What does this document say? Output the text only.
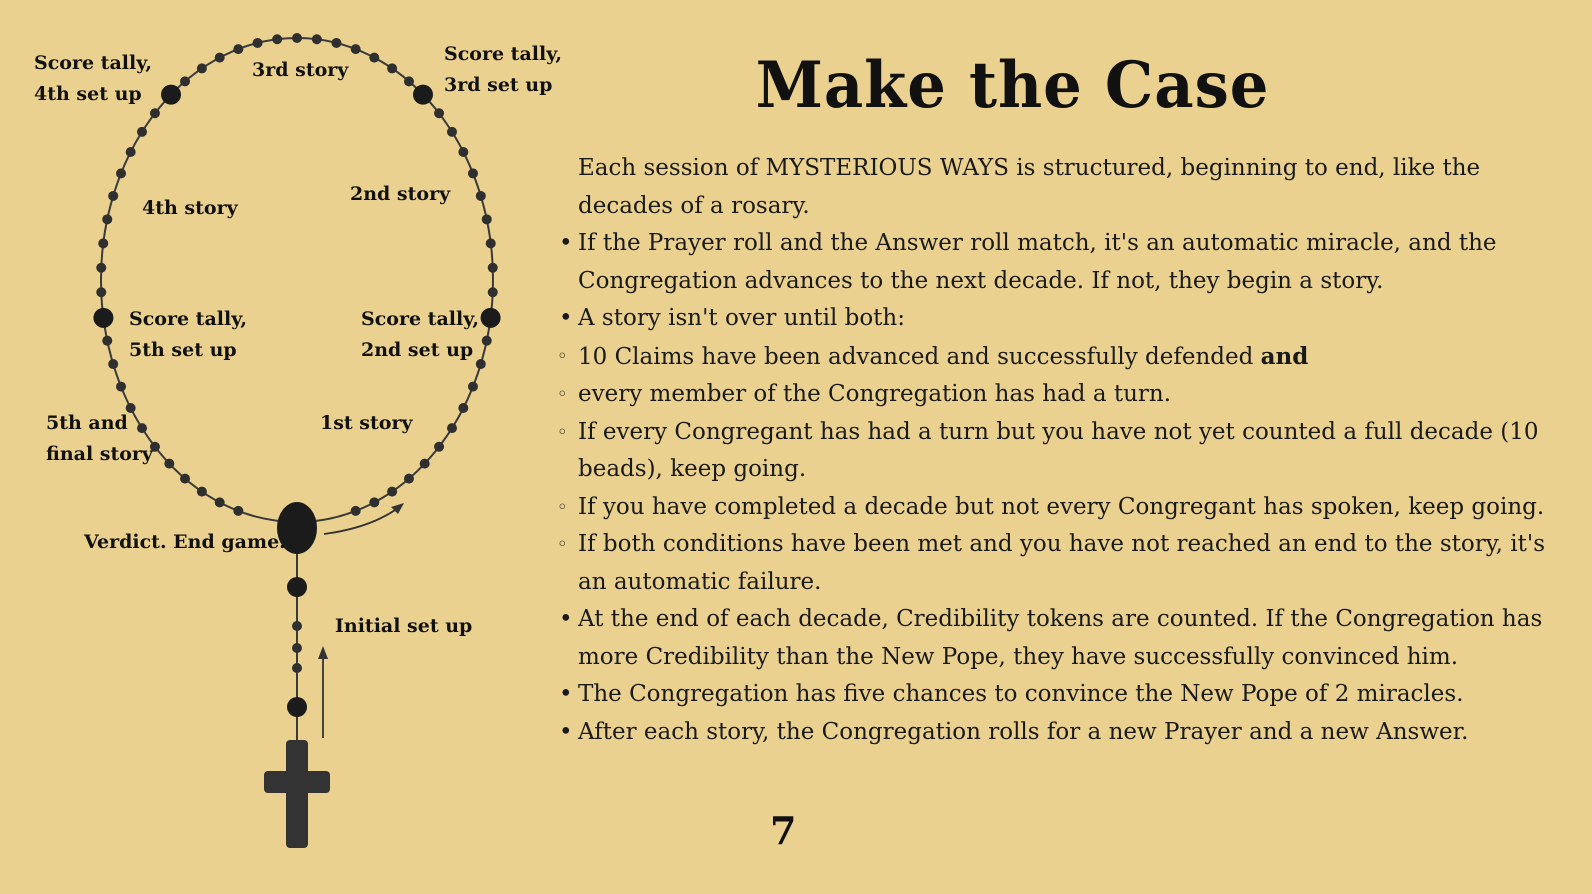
Score tally,
4th set up
3rd story
Score tally,
3rd set up
4th story
2nd story
Score tally,
5th set up
Score tally,
2nd set up
5th and
final story
1st story
Verdict. End game.
Initial set up
Make the Case

Each session of MYSTERIOUS WAYS is structured, beginning to end, like the decades of a rosary.

• If the Prayer roll and the Answer roll match, it's an automatic miracle, and the Congregation advances to the next decade. If not, they begin a story.
• A story isn't over until both:
◦ 10 Claims have been advanced and successfully defended and
◦ every member of the Congregation has had a turn.
◦ If every Congregant has had a turn but you have not yet counted a full decade (10 beads), keep going.
◦ If you have completed a decade but not every Congregant has spoken, keep going.
◦ If both conditions have been met and you have not reached an end to the story, it's an automatic failure.
• At the end of each decade, Credibility tokens are counted. If the Congregation has more Credibility than the New Pope, they have successfully convinced him.
• The Congregation has five chances to convince the New Pope of 2 miracles.
• After each story, the Congregation rolls for a new Prayer and a new Answer.
7
